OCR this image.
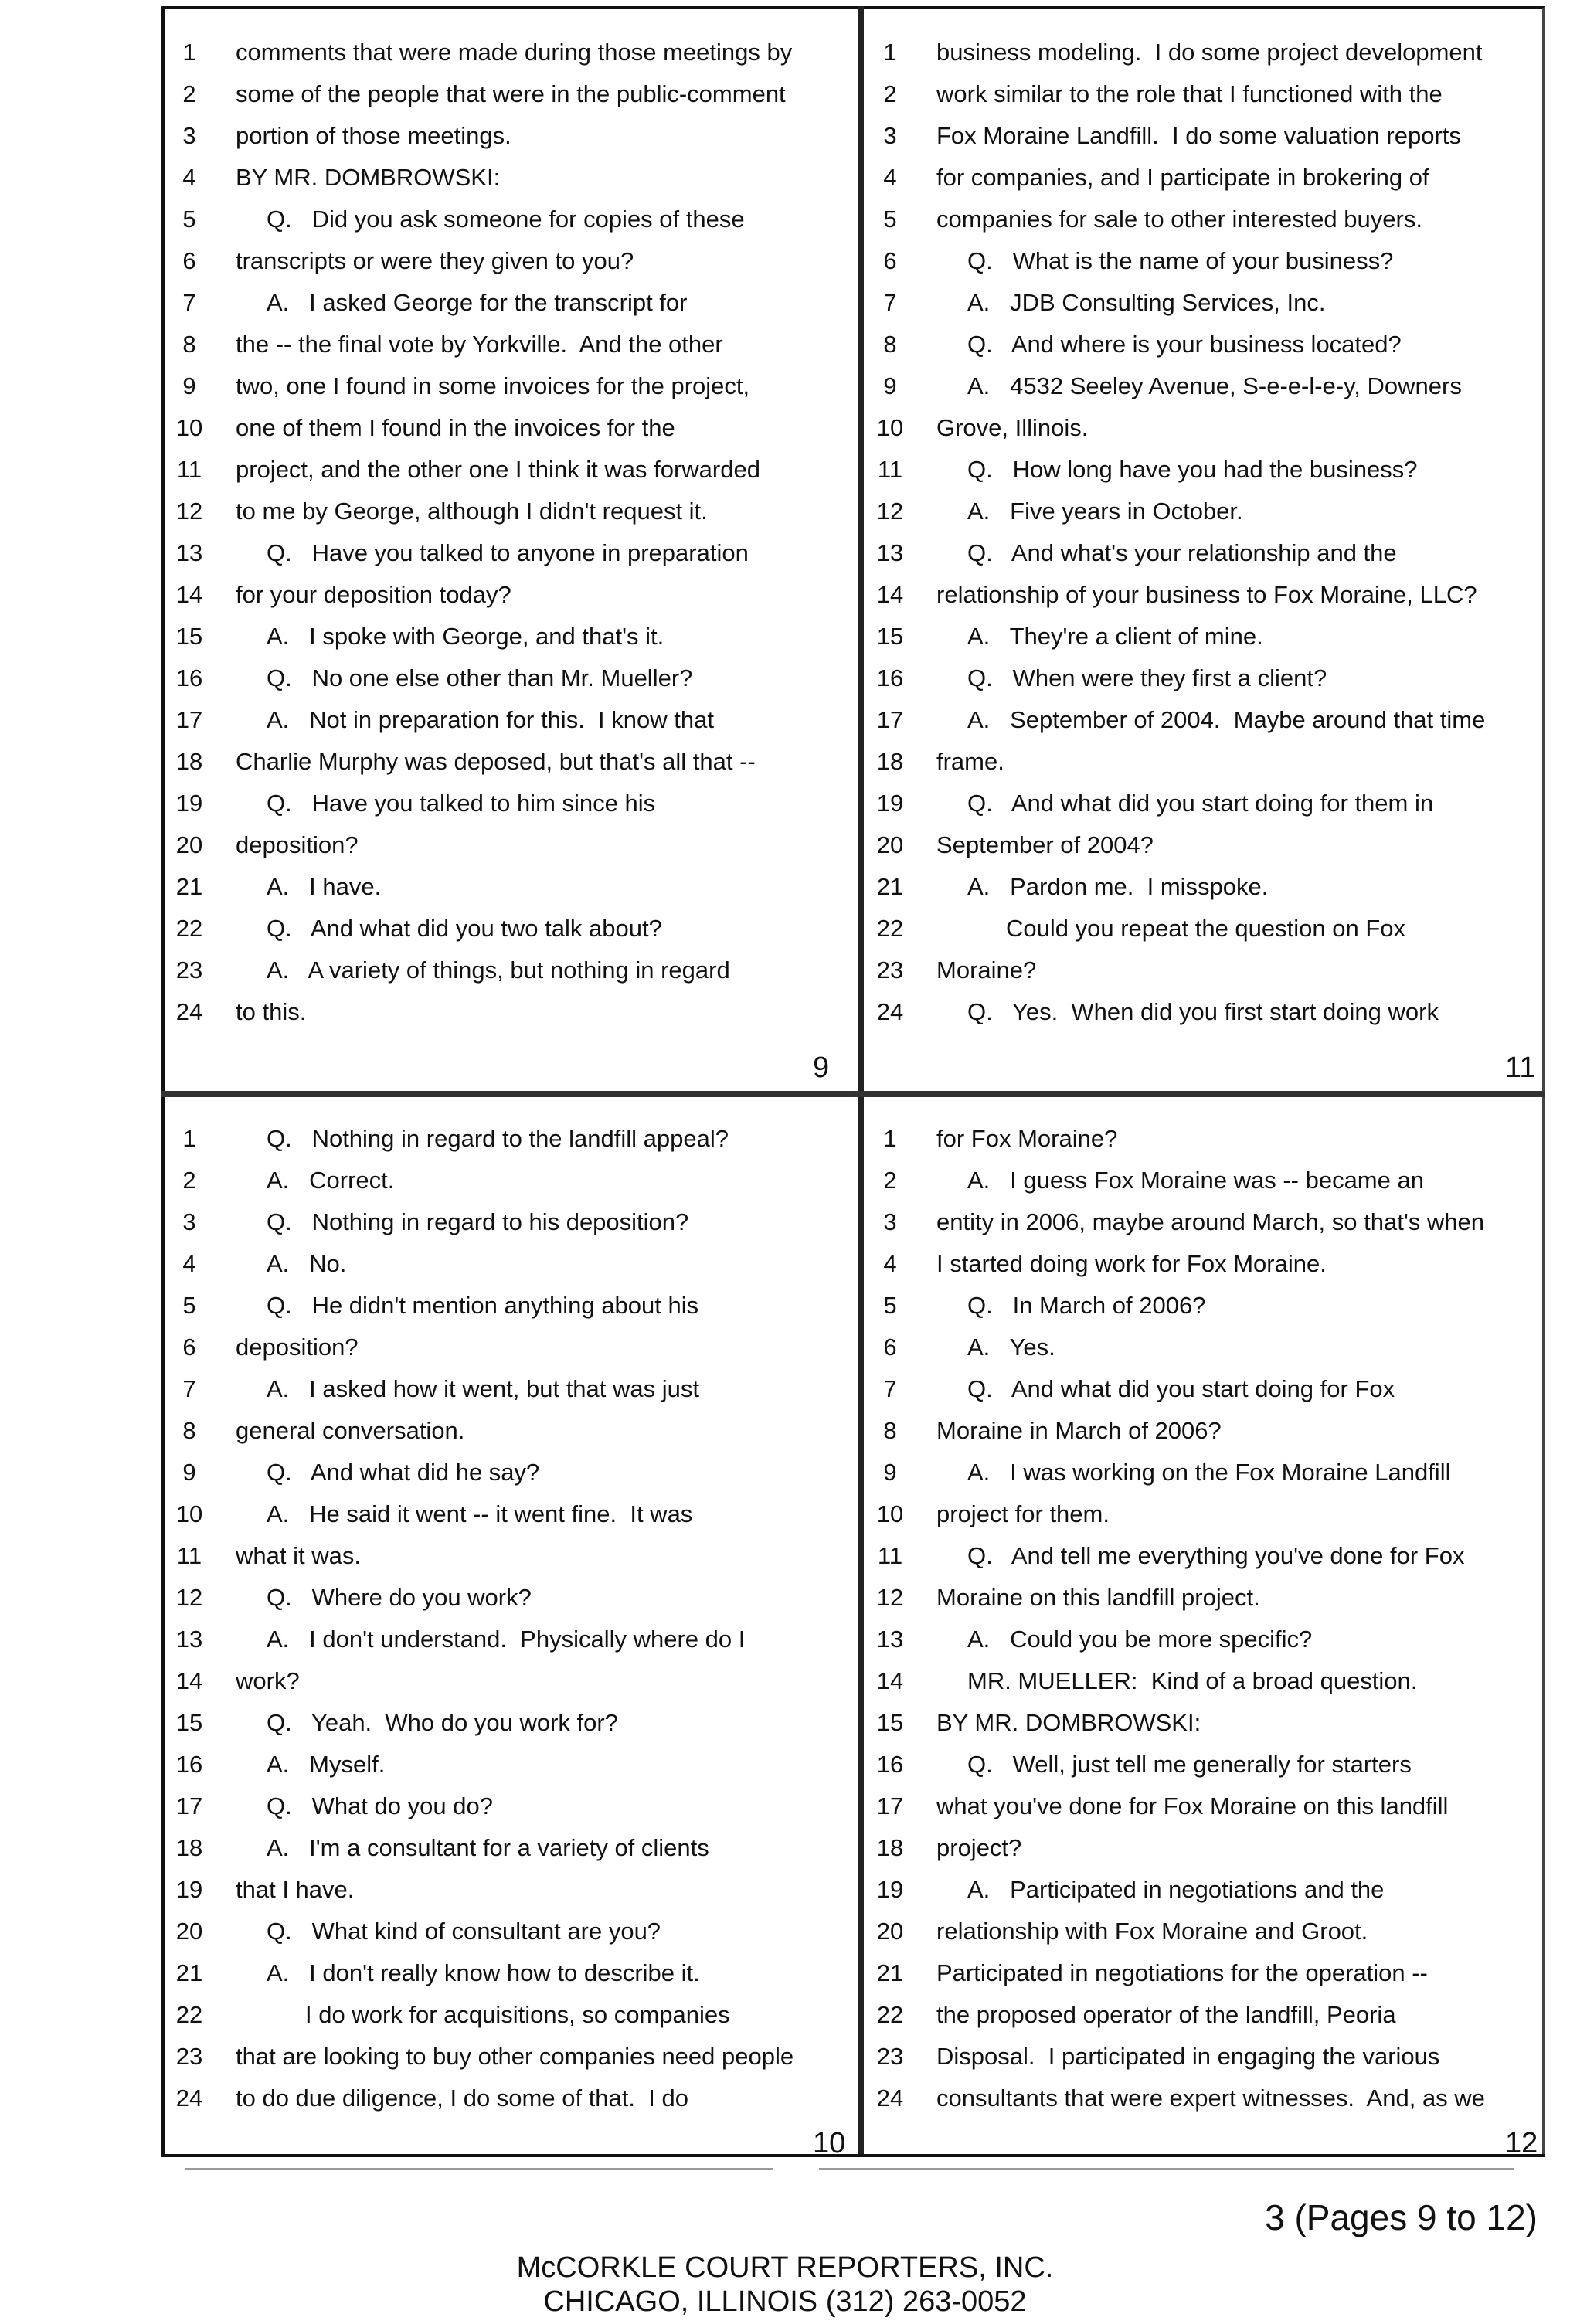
1	comments that were made during those meetings by
2	some of the people that were in the public-comment
3	portion of those meetings.
4	BY MR. DOMBROWSKI:
5	Q.   Did you ask someone for copies of these
6	transcripts or were they given to you?
7	A.   I asked George for the transcript for
8	the -- the final vote by Yorkville.  And the other
9	two, one I found in some invoices for the project,
10	one of them I found in the invoices for the
11	project, and the other one I think it was forwarded
12	to me by George, although I didn't request it.
13	Q.   Have you talked to anyone in preparation
14	for your deposition today?
15	A.   I spoke with George, and that's it.
16	Q.   No one else other than Mr. Mueller?
17	A.   Not in preparation for this.  I know that
18	Charlie Murphy was deposed, but that's all that --
19	Q.   Have you talked to him since his
20	deposition?
21	A.   I have.
22	Q.   And what did you two talk about?
23	A.   A variety of things, but nothing in regard
24	to this.
1	business modeling.  I do some project development
2	work similar to the role that I functioned with the
3	Fox Moraine Landfill.  I do some valuation reports
4	for companies, and I participate in brokering of
5	companies for sale to other interested buyers.
6	Q.   What is the name of your business?
7	A.   JDB Consulting Services, Inc.
8	Q.   And where is your business located?
9	A.   4532 Seeley Avenue, S-e-e-l-e-y, Downers
10	Grove, Illinois.
11	Q.   How long have you had the business?
12	A.   Five years in October.
13	Q.   And what's your relationship and the
14	relationship of your business to Fox Moraine, LLC?
15	A.   They're a client of mine.
16	Q.   When were they first a client?
17	A.   September of 2004.  Maybe around that time
18	frame.
19	Q.   And what did you start doing for them in
20	September of 2004?
21	A.   Pardon me.  I misspoke.
22	Could you repeat the question on Fox
23	Moraine?
24	Q.   Yes.  When did you first start doing work
1	Q.   Nothing in regard to the landfill appeal?
2	A.   Correct.
3	Q.   Nothing in regard to his deposition?
4	A.   No.
5	Q.   He didn't mention anything about his
6	deposition?
7	A.   I asked how it went, but that was just
8	general conversation.
9	Q.   And what did he say?
10	A.   He said it went -- it went fine.  It was
11	what it was.
12	Q.   Where do you work?
13	A.   I don't understand.  Physically where do I
14	work?
15	Q.   Yeah.  Who do you work for?
16	A.   Myself.
17	Q.   What do you do?
18	A.   I'm a consultant for a variety of clients
19	that I have.
20	Q.   What kind of consultant are you?
21	A.   I don't really know how to describe it.
22	I do work for acquisitions, so companies
23	that are looking to buy other companies need people
24	to do due diligence, I do some of that.  I do
1	for Fox Moraine?
2	A.   I guess Fox Moraine was -- became an
3	entity in 2006, maybe around March, so that's when
4	I started doing work for Fox Moraine.
5	Q.   In March of 2006?
6	A.   Yes.
7	Q.   And what did you start doing for Fox
8	Moraine in March of 2006?
9	A.   I was working on the Fox Moraine Landfill
10	project for them.
11	Q.   And tell me everything you've done for Fox
12	Moraine on this landfill project.
13	A.   Could you be more specific?
14	MR. MUELLER:  Kind of a broad question.
15	BY MR. DOMBROWSKI:
16	Q.   Well, just tell me generally for starters
17	what you've done for Fox Moraine on this landfill
18	project?
19	A.   Participated in negotiations and the
20	relationship with Fox Moraine and Groot.
21	Participated in negotiations for the operation --
22	the proposed operator of the landfill, Peoria
23	Disposal.  I participated in engaging the various
24	consultants that were expert witnesses.  And, as we
9	11
10	12
3 (Pages 9 to 12)
McCORKLE COURT REPORTERS, INC.
CHICAGO, ILLINOIS (312) 263-0052
